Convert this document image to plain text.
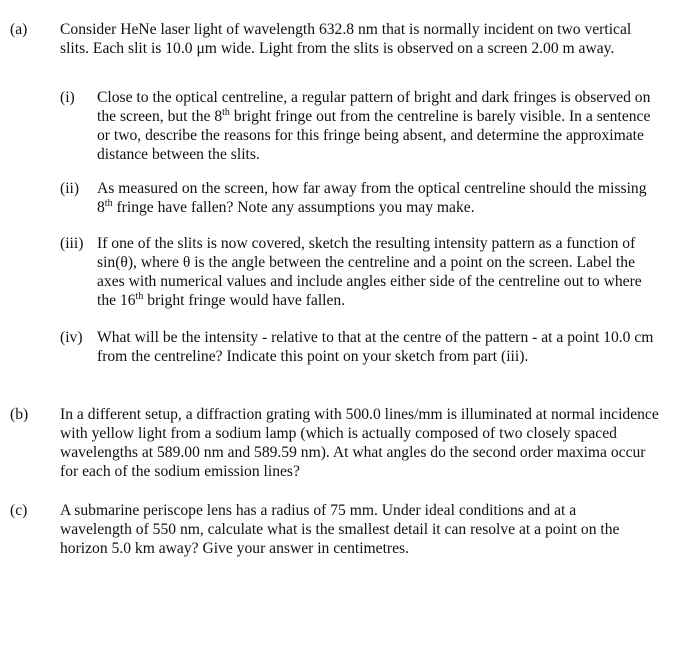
(a) Consider HeNe laser light of wavelength 632.8 nm that is normally incident on two vertical slits. Each slit is 10.0 μm wide. Light from the slits is observed on a screen 2.00 m away.
(i)	Close to the optical centreline, a regular pattern of bright and dark fringes is observed on the screen, but the 8th bright fringe out from the centreline is barely visible. In a sentence or two, describe the reasons for this fringe being absent, and determine the approximate distance between the slits.
(ii)	As measured on the screen, how far away from the optical centreline should the missing 8th fringe have fallen? Note any assumptions you may make.
(iii) If one of the slits is now covered, sketch the resulting intensity pattern as a function of sin(θ), where θ is the angle between the centreline and a point on the screen. Label the axes with numerical values and include angles either side of the centreline out to where the 16th bright fringe would have fallen.
(iv) What will be the intensity - relative to that at the centre of the pattern - at a point 10.0 cm from the centreline? Indicate this point on your sketch from part (iii).
(b) In a different setup, a diffraction grating with 500.0 lines/mm is illuminated at normal incidence with yellow light from a sodium lamp (which is actually composed of two closely spaced wavelengths at 589.00 nm and 589.59 nm). At what angles do the second order maxima occur for each of the sodium emission lines?
(c) A submarine periscope lens has a radius of 75 mm. Under ideal conditions and at a wavelength of 550 nm, calculate what is the smallest detail it can resolve at a point on the horizon 5.0 km away? Give your answer in centimetres.
